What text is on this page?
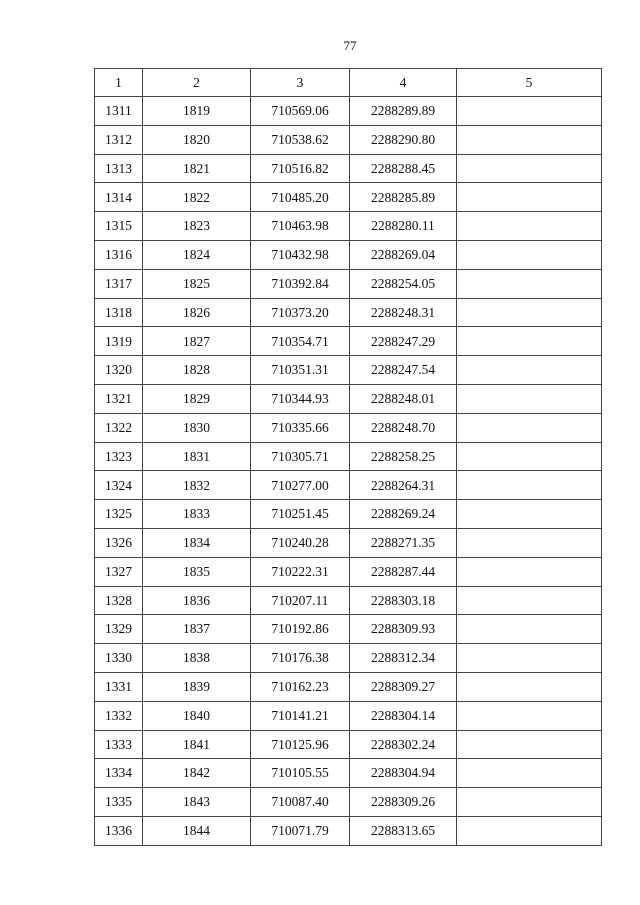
77
1	2	3	4	5
1311	1819	710569.06	2288289.89	
1312	1820	710538.62	2288290.80	
1313	1821	710516.82	2288288.45	
1314	1822	710485.20	2288285.89	
1315	1823	710463.98	2288280.11	
1316	1824	710432.98	2288269.04	
1317	1825	710392.84	2288254.05	
1318	1826	710373.20	2288248.31	
1319	1827	710354.71	2288247.29	
1320	1828	710351.31	2288247.54	
1321	1829	710344.93	2288248.01	
1322	1830	710335.66	2288248.70	
1323	1831	710305.71	2288258.25	
1324	1832	710277.00	2288264.31	
1325	1833	710251.45	2288269.24	
1326	1834	710240.28	2288271.35	
1327	1835	710222.31	2288287.44	
1328	1836	710207.11	2288303.18	
1329	1837	710192.86	2288309.93	
1330	1838	710176.38	2288312.34	
1331	1839	710162.23	2288309.27	
1332	1840	710141.21	2288304.14	
1333	1841	710125.96	2288302.24	
1334	1842	710105.55	2288304.94	
1335	1843	710087.40	2288309.26	
1336	1844	710071.79	2288313.65	
